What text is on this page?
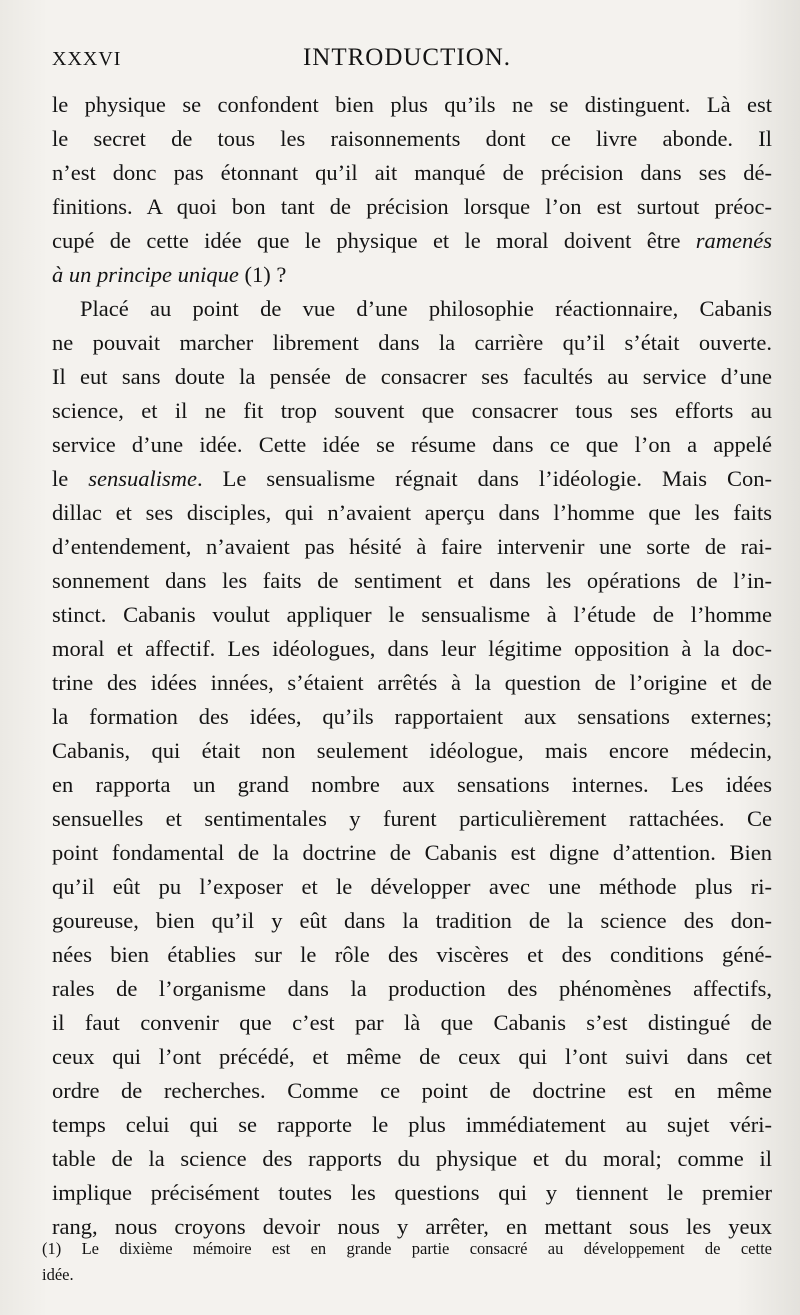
XXXVI	INTRODUCTION.
le physique se confondent bien plus qu’ils ne se distinguent. Là est
le secret de tous les raisonnements dont ce livre abonde. Il
n’est donc pas étonnant qu’il ait manqué de précision dans ses dé-
finitions. A quoi bon tant de précision lorsque l’on est surtout préoc-
cupé de cette idée que le physique et le moral doivent être ramenés
à un principe unique (1) ?
Placé au point de vue d’une philosophie réactionnaire, Cabanis
ne pouvait marcher librement dans la carrière qu’il s’était ouverte.
Il eut sans doute la pensée de consacrer ses facultés au service d’une
science, et il ne fit trop souvent que consacrer tous ses efforts au
service d’une idée. Cette idée se résume dans ce que l’on a appelé
le sensualisme. Le sensualisme régnait dans l’idéologie. Mais Con-
dillac et ses disciples, qui n’avaient aperçu dans l’homme que les faits
d’entendement, n’avaient pas hésité à faire intervenir une sorte de rai-
sonnement dans les faits de sentiment et dans les opérations de l’in-
stinct. Cabanis voulut appliquer le sensualisme à l’étude de l’homme
moral et affectif. Les idéologues, dans leur légitime opposition à la doc-
trine des idées innées, s’étaient arrêtés à la question de l’origine et de
la formation des idées, qu’ils rapportaient aux sensations externes;
Cabanis, qui était non seulement idéologue, mais encore médecin,
en rapporta un grand nombre aux sensations internes. Les idées
sensuelles et sentimentales y furent particulièrement rattachées. Ce
point fondamental de la doctrine de Cabanis est digne d’attention. Bien
qu’il eût pu l’exposer et le développer avec une méthode plus ri-
goureuse, bien qu’il y eût dans la tradition de la science des don-
nées bien établies sur le rôle des viscères et des conditions géné-
rales de l’organisme dans la production des phénomènes affectifs,
il faut convenir que c’est par là que Cabanis s’est distingué de
ceux qui l’ont précédé, et même de ceux qui l’ont suivi dans cet
ordre de recherches. Comme ce point de doctrine est en même
temps celui qui se rapporte le plus immédiatement au sujet véri-
table de la science des rapports du physique et du moral; comme il
implique précisément toutes les questions qui y tiennent le premier
rang, nous croyons devoir nous y arrêter, en mettant sous les yeux
(1) Le dixième mémoire est en grande partie consacré au développement de cette
idée.
